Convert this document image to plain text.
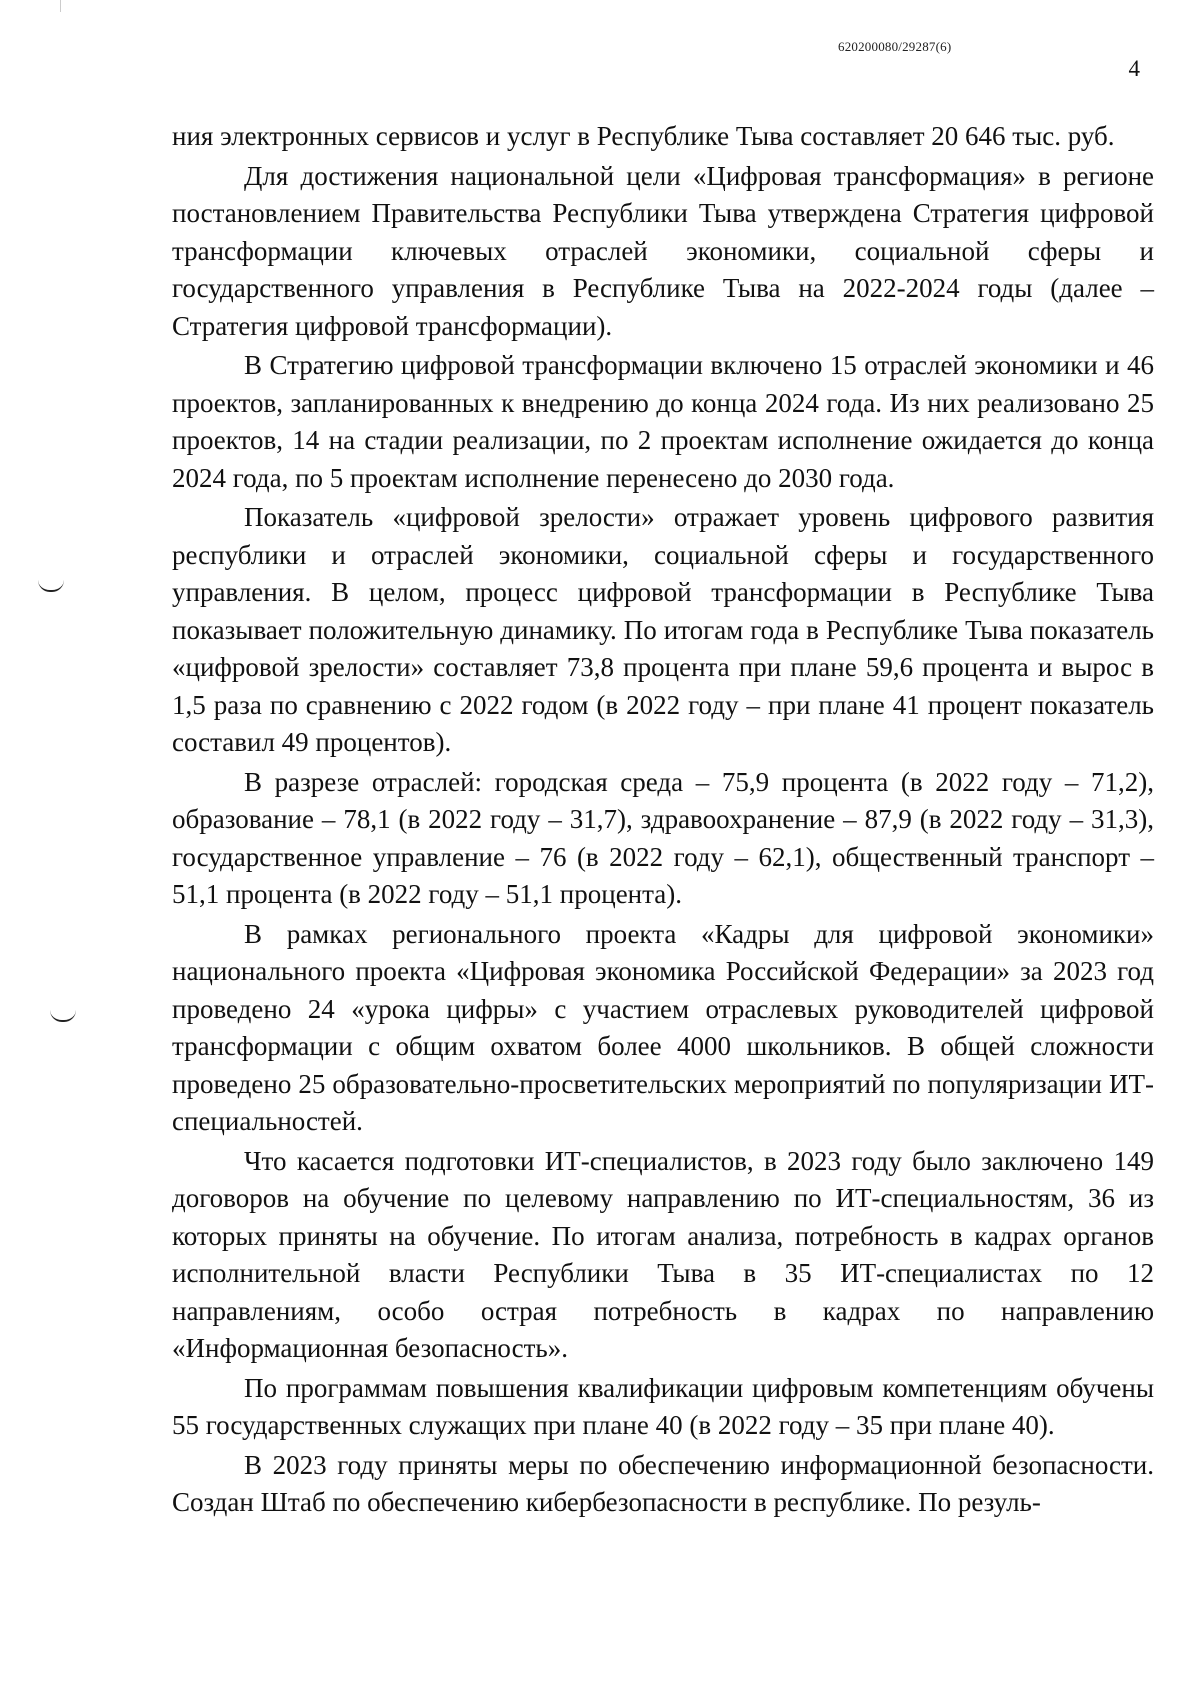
620200080/29287(6)
4

ния электронных сервисов и услуг в Республике Тыва составляет 20 646 тыс. руб.

Для достижения национальной цели «Цифровая трансформация» в регионе постановлением Правительства Республики Тыва утверждена Стратегия цифровой трансформации ключевых отраслей экономики, социальной сферы и государственного управления в Республике Тыва на 2022-2024 годы (далее – Стратегия цифровой трансформации).

В Стратегию цифровой трансформации включено 15 отраслей экономики и 46 проектов, запланированных к внедрению до конца 2024 года. Из них реализовано 25 проектов, 14 на стадии реализации, по 2 проектам исполнение ожидается до конца 2024 года, по 5 проектам исполнение перенесено до 2030 года.

Показатель «цифровой зрелости» отражает уровень цифрового развития республики и отраслей экономики, социальной сферы и государственного управления. В целом, процесс цифровой трансформации в Республике Тыва показывает положительную динамику. По итогам года в Республике Тыва показатель «цифровой зрелости» составляет 73,8 процента при плане 59,6 процента и вырос в 1,5 раза по сравнению с 2022 годом (в 2022 году – при плане 41 процент показатель составил 49 процентов).

В разрезе отраслей: городская среда – 75,9 процента (в 2022 году – 71,2), образование – 78,1 (в 2022 году – 31,7), здравоохранение – 87,9 (в 2022 году – 31,3), государственное управление – 76 (в 2022 году – 62,1), общественный транспорт – 51,1 процента (в 2022 году – 51,1 процента).

В рамках регионального проекта «Кадры для цифровой экономики» национального проекта «Цифровая экономика Российской Федерации» за 2023 год проведено 24 «урока цифры» с участием отраслевых руководителей цифровой трансформации с общим охватом более 4000 школьников. В общей сложности проведено 25 образовательно-просветительских мероприятий по популяризации ИТ-специальностей.

Что касается подготовки ИТ-специалистов, в 2023 году было заключено 149 договоров на обучение по целевому направлению по ИТ-специальностям, 36 из которых приняты на обучение. По итогам анализа, потребность в кадрах органов исполнительной власти Республики Тыва в 35 ИТ-специалистах по 12 направлениям, особо острая потребность в кадрах по направлению «Информационная безопасность».

По программам повышения квалификации цифровым компетенциям обучены 55 государственных служащих при плане 40 (в 2022 году – 35 при плане 40).

В 2023 году приняты меры по обеспечению информационной безопасности. Создан Штаб по обеспечению кибербезопасности в республике. По резуль-
